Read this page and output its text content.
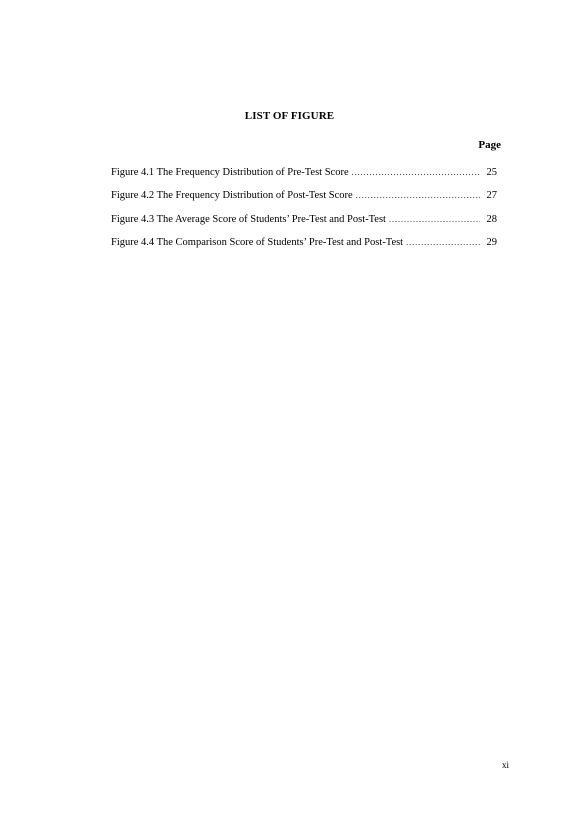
LIST OF FIGURE
Page
Figure 4.1 The Frequency Distribution of Pre-Test Score .....	25
Figure 4.2 The Frequency Distribution of Post-Test Score .....	27
Figure 4.3 The Average Score of Students’ Pre-Test and Post-Test .....	28
Figure 4.4 The Comparison Score of Students’ Pre-Test and Post-Test .....	29
xi
